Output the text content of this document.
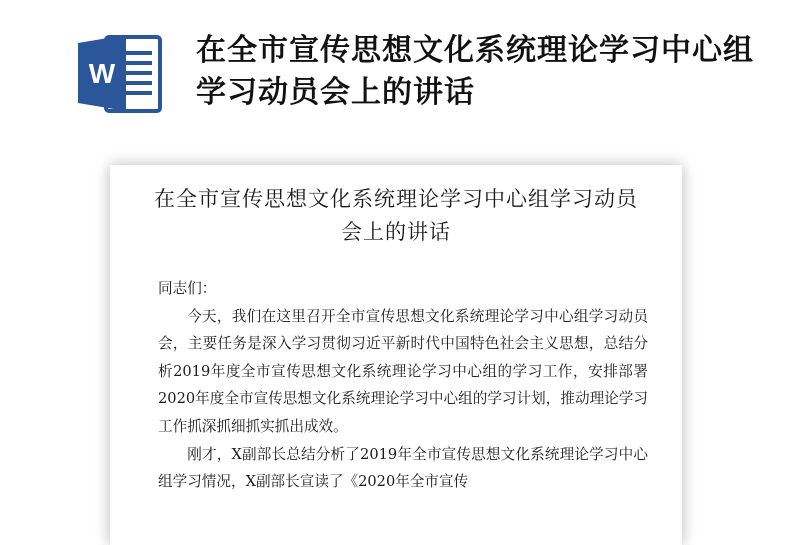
W
在全市宣传思想文化系统理论学习中心组学习动员会上的讲话
在全市宣传思想文化系统理论学习中心组学习动员会上的讲话

同志们：

今天，我们在这里召开全市宣传思想文化系统理论学习中心组学习动员会，主要任务是深入学习贯彻习近平新时代中国特色社会主义思想，总结分析2019年度全市宣传思想文化系统理论学习中心组的学习工作，安排部署2020年度全市宣传思想文化系统理论学习中心组的学习计划，推动理论学习工作抓深抓细抓实抓出成效。

刚才，X副部长总结分析了2019年全市宣传思想文化系统理论学习中心组学习情况，X副部长宣读了《2020年全市宣传
